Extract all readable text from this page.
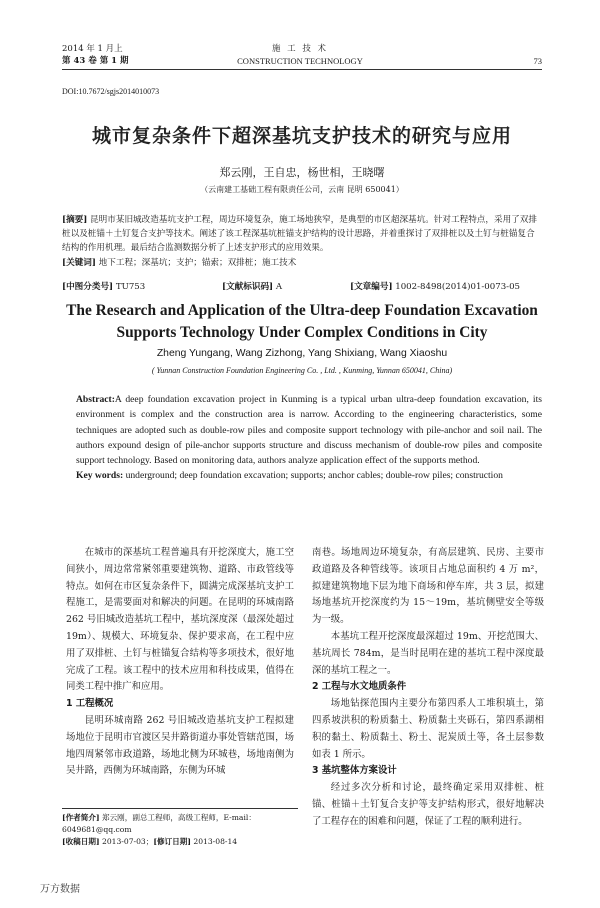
2014 年 1 月上
第 43 卷 第 1 期
施 工 技 术
CONSTRUCTION TECHNOLOGY	73
DOI:10.7672/sgjs2014010073
城市复杂条件下超深基坑支护技术的研究与应用
郑云刚，王自忠，杨世相，王晓曙
（云南建工基础工程有限责任公司，云南 昆明 650041）

[摘要] 昆明市某旧城改造基坑支护工程，周边环境复杂，施工场地狭窄，是典型的市区超深基坑。针对工程特点，采用了双排桩以及桩锚＋土钉复合支护等技术。阐述了该工程深基坑桩锚支护结构的设计思路，并着重探讨了双排桩以及土钉与桩锚复合结构的作用机理。最后结合监测数据分析了上述支护形式的应用效果。

[关键词] 地下工程；深基坑；支护；锚索；双排桩；施工技术

[中图分类号] TU753	[文献标识码] A	[文章编号] 1002-8498(2014)01-0073-05
The Research and Application of the Ultra-deep Foundation Excavation
Supports Technology Under Complex Conditions in City
Zheng Yungang, Wang Zizhong, Yang Shixiang, Wang Xiaoshu
( Yunnan Construction Foundation Engineering Co. , Ltd. , Kunming, Yunnan 650041, China)

Abstract:A deep foundation excavation project in Kunming is a typical urban ultra-deep foundation excavation, its environment is complex and the construction area is narrow. According to the engineering characteristics, some techniques are adopted such as double-row piles and composite support technology with pile-anchor and soil nail. The authors expound design of pile-anchor supports structure and discuss mechanism of double-row piles and composite support technology. Based on monitoring data, authors analyze application effect of the supports method.

Key words: underground; deep foundation excavation; supports; anchor cables; double-row piles; construction

在城市的深基坑工程普遍具有开挖深度大，施工空间狭小，周边常常紧邻重要建筑物、道路、市政管线等特点。如何在市区复杂条件下，圆满完成深基坑支护工程施工，是需要面对和解决的问题。在昆明的环城南路 262 号旧城改造基坑工程中，基坑深度深（最深处超过 19m）、规模大、环境复杂、保护要求高，在工程中应用了双排桩、土钉与桩锚复合结构等多项技术，很好地完成了工程。该工程中的技术应用和科技成果，值得在同类工程中推广和应用。

1 工程概况

昆明环城南路 262 号旧城改造基坑支护工程拟建场地位于昆明市官渡区吴井路街道办事处管辖范围，场地四周紧邻市政道路，场地北侧为环城巷，场地南侧为吴井路，西侧为环城南路，东侧为环城

南巷。场地周边环境复杂，有高层建筑、民房、主要市政道路及各种管线等。该项目占地总面积约 4 万 m²，拟建建筑物地下层为地下商场和停车库，共 3 层，拟建场地基坑开挖深度约为 15～19m，基坑侧壁安全等级为一级。

本基坑工程开挖深度最深超过 19m、开挖范围大、基坑周长 784m，是当时昆明在建的基坑工程中深度最深的基坑工程之一。

2 工程与水文地质条件

场地钻探范围内主要分布第四系人工堆积填土，第四系坡洪积的粉质黏土、粉质黏土夹砾石，第四系湖相积的黏土、粉质黏土、粉土、泥炭质土等，各土层参数如表 1 所示。

3 基坑整体方案设计

经过多次分析和讨论，最终确定采用双排桩、桩锚、桩锚＋土钉复合支护等支护结构形式，很好地解决了工程存在的困难和问题，保证了工程的顺利进行。

[作者简介] 郑云刚，副总工程师，高级工程师，E-mail：6049681@qq.com

[收稿日期] 2013-07-03；[修订日期] 2013-08-14

万方数据
